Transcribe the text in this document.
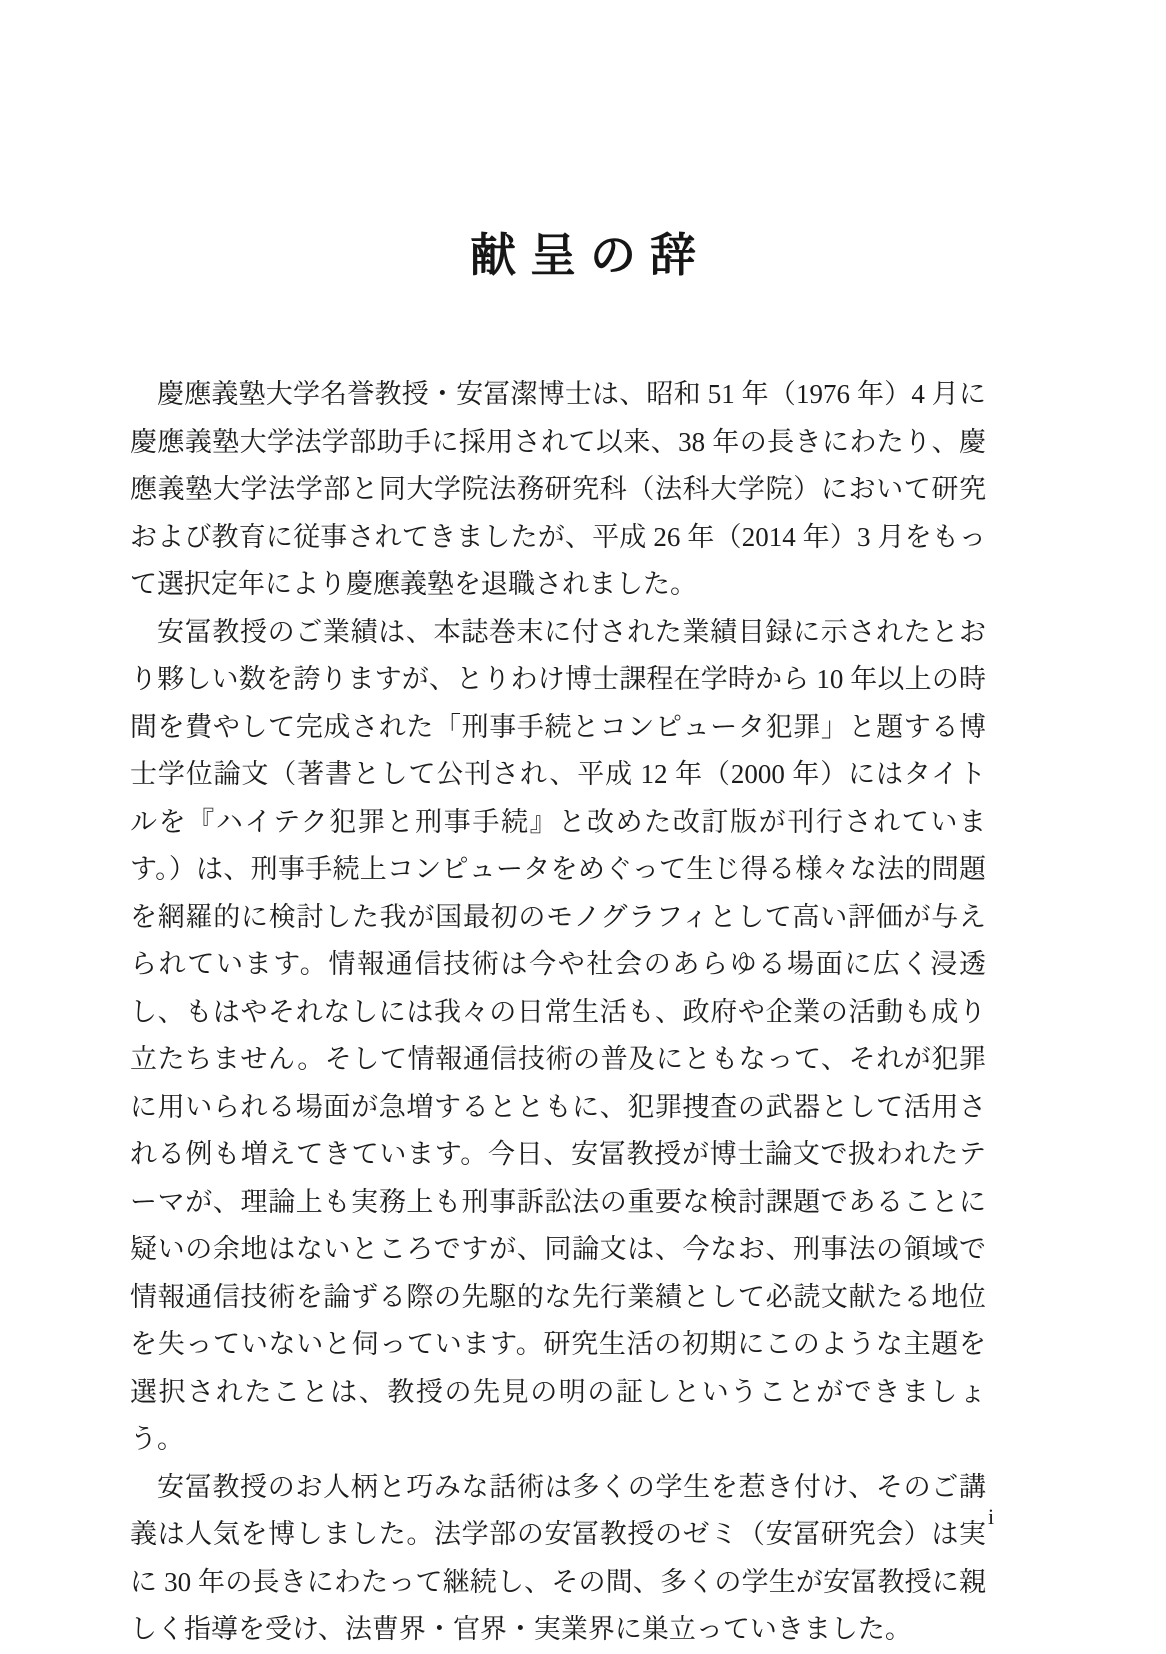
献呈の辞

慶應義塾大学名誉教授・安冨潔博士は、昭和 51 年（1976 年）4 月に慶應義塾大学法学部助手に採用されて以来、38 年の長きにわたり、慶應義塾大学法学部と同大学院法務研究科（法科大学院）において研究および教育に従事されてきましたが、平成 26 年（2014 年）3 月をもって選択定年により慶應義塾を退職されました。

安冨教授のご業績は、本誌巻末に付された業績目録に示されたとおり夥しい数を誇りますが、とりわけ博士課程在学時から 10 年以上の時間を費やして完成された「刑事手続とコンピュータ犯罪」と題する博士学位論文（著書として公刊され、平成 12 年（2000 年）にはタイトルを『ハイテク犯罪と刑事手続』と改めた改訂版が刊行されています。）は、刑事手続上コンピュータをめぐって生じ得る様々な法的問題を網羅的に検討した我が国最初のモノグラフィとして高い評価が与えられています。情報通信技術は今や社会のあらゆる場面に広く浸透し、もはやそれなしには我々の日常生活も、政府や企業の活動も成り立たちません。そして情報通信技術の普及にともなって、それが犯罪に用いられる場面が急増するとともに、犯罪捜査の武器として活用される例も増えてきています。今日、安冨教授が博士論文で扱われたテーマが、理論上も実務上も刑事訴訟法の重要な検討課題であることに疑いの余地はないところですが、同論文は、今なお、刑事法の領域で情報通信技術を論ずる際の先駆的な先行業績として必読文献たる地位を失っていないと伺っています。研究生活の初期にこのような主題を選択されたことは、教授の先見の明の証しということができましょう。

安冨教授のお人柄と巧みな話術は多くの学生を惹き付け、そのご講義は人気を博しました。法学部の安冨教授のゼミ（安冨研究会）は実に 30 年の長きにわたって継続し、その間、多くの学生が安冨教授に親しく指導を受け、法曹界・官界・実業界に巣立っていきました。

i
